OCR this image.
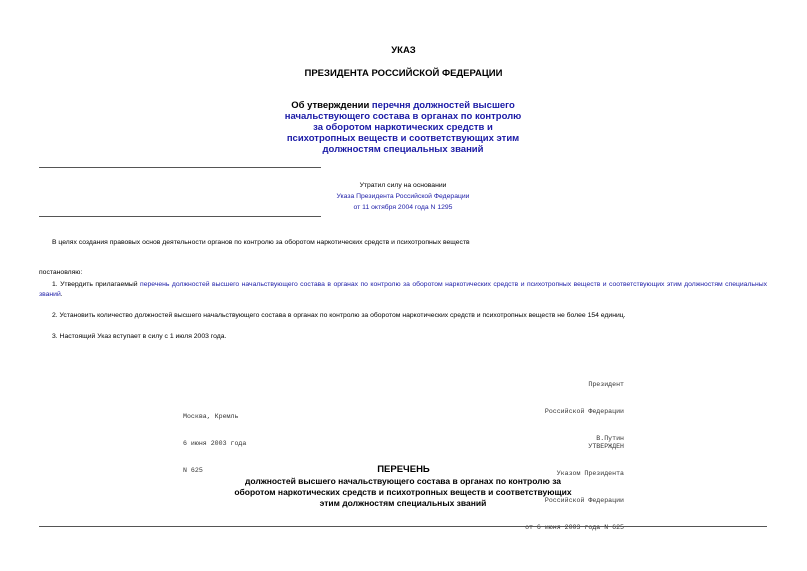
УКАЗ
ПРЕЗИДЕНТА РОССИЙСКОЙ ФЕДЕРАЦИИ
Об утверждении перечня должностей высшего начальствующего состава в органах по контролю за оборотом наркотических средств и психотропных веществ и соответствующих этим должностям специальных званий
Утратил силу на основании
Указа Президента Российской Федерации
от 11 октября 2004 года N 1295
В целях создания правовых основ деятельности органов по контролю за оборотом наркотических средств и психотропных веществ
постановляю:
1. Утвердить прилагаемый перечень должностей высшего начальствующего состава в органах по контролю за оборотом наркотических средств и психотропных веществ и соответствующих этим должностям специальных званий.
2. Установить количество должностей высшего начальствующего состава в органах по контролю за оборотом наркотических средств и психотропных веществ не более 154 единиц.
3. Настоящий Указ вступает в силу с 1 июля 2003 года.

Президент

Российской Федерации

В.Путин

Москва, Кремль

6 июня 2003 года

N 625

УТВЕРЖДЕН

Указом Президента

Российской Федерации

от 6 июня 2003 года N 625

ПЕРЕЧЕНЬ
должностей высшего начальствующего состава в органах по контролю за оборотом наркотических средств и психотропных веществ и соответствующих этим должностям специальных званий
